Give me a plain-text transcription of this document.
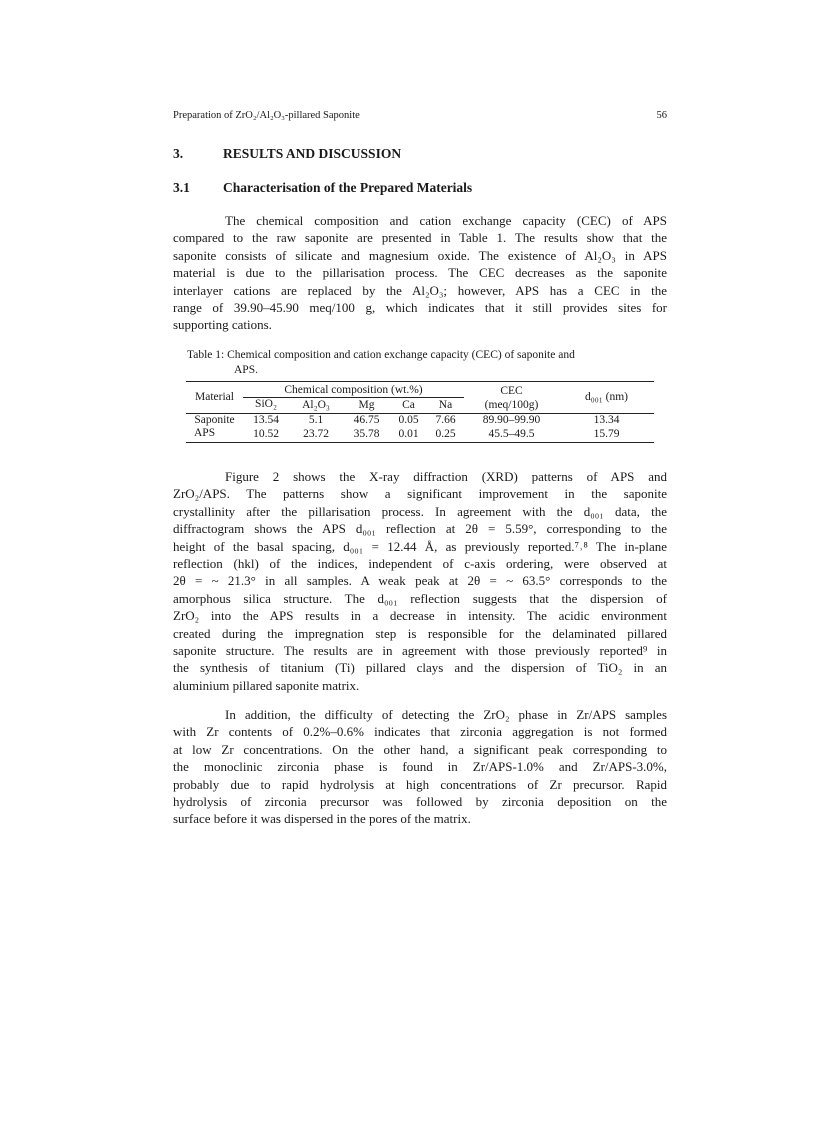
Preparation of ZrO₂/Al₂O₃-pillared Saponite	56
3.	RESULTS AND DISCUSSION
3.1 Characterisation of the Prepared Materials
The chemical composition and cation exchange capacity (CEC) of APS
compared to the raw saponite are presented in Table 1. The results show that the
saponite consists of silicate and magnesium oxide. The existence of Al₂O₃ in APS
material is due to the pillarisation process. The CEC decreases as the saponite
interlayer cations are replaced by the Al₂O₃; however, APS has a CEC in the
range of 39.90–45.90 meq/100 g, which indicates that it still provides sites for
supporting cations.
Table 1: Chemical composition and cation exchange capacity (CEC) of saponite and
APS.
Material	Chemical composition (wt.%)					CEC	d₀₀₁ (nm)
	SiO₂	Al₂O₃	Mg	Ca	Na	(meq/100g)	
Saponite	13.54	5.1	46.75	0.05	7.66	89.90–99.90	13.34
APS	10.52	23.72	35.78	0.01	0.25	45.5–49.5	15.79
Figure 2 shows the X-ray diffraction (XRD) patterns of APS and
ZrO₂/APS. The patterns show a significant improvement in the saponite
crystallinity after the pillarisation process. In agreement with the d₀₀₁ data, the
diffractogram shows the APS d₀₀₁ reflection at 2θ = 5.59°, corresponding to the
height of the basal spacing, d₀₀₁ = 12.44 Å, as previously reported.⁷˒⁸ The in-plane
reflection (hkl) of the indices, independent of c-axis ordering, were observed at
2θ = ~ 21.3° in all samples. A weak peak at 2θ = ~ 63.5° corresponds to the
amorphous silica structure. The d₀₀₁ reflection suggests that the dispersion of
ZrO₂ into the APS results in a decrease in intensity. The acidic environment
created during the impregnation step is responsible for the delaminated pillared
saponite structure. The results are in agreement with those previously reported⁹ in
the synthesis of titanium (Ti) pillared clays and the dispersion of TiO₂ in an
aluminium pillared saponite matrix.
In addition, the difficulty of detecting the ZrO₂ phase in Zr/APS samples
with Zr contents of 0.2%–0.6% indicates that zirconia aggregation is not formed
at low Zr concentrations. On the other hand, a significant peak corresponding to
the monoclinic zirconia phase is found in Zr/APS-1.0% and Zr/APS-3.0%,
probably due to rapid hydrolysis at high concentrations of Zr precursor. Rapid
hydrolysis of zirconia precursor was followed by zirconia deposition on the
surface before it was dispersed in the pores of the matrix.
